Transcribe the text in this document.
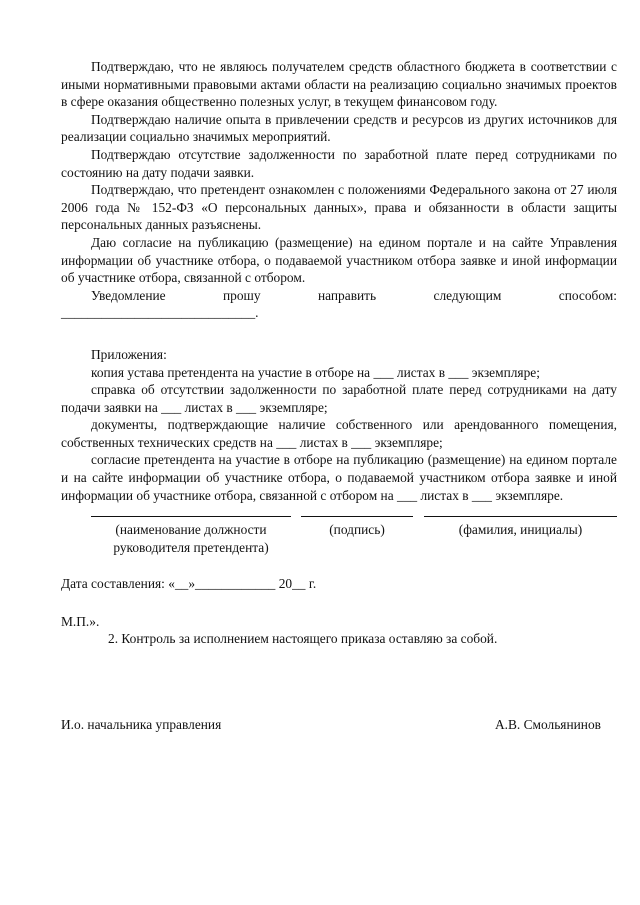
Подтверждаю, что не являюсь получателем средств областного бюджета в соответствии с иными нормативными правовыми актами области на реализацию социально значимых проектов в сфере оказания общественно полезных услуг, в текущем финансовом году.

Подтверждаю наличие опыта в привлечении средств и ресурсов из других источников для реализации социально значимых мероприятий.

Подтверждаю отсутствие задолженности по заработной плате перед сотрудниками по состоянию на дату подачи заявки.

Подтверждаю, что претендент ознакомлен с положениями Федерального закона от 27 июля 2006 года № 152-ФЗ «О персональных данных», права и обязанности в области защиты персональных данных разъяснены.

Даю согласие на публикацию (размещение) на едином портале и на сайте Управления информации об участнике отбора, о подаваемой участником отбора заявке и иной информации об участнике отбора, связанной с отбором.

Уведомление прошу направить следующим способом:

_____________________________.

Приложения:

копия устава претендента на участие в отборе на ___ листах в ___ экземпляре;

справка об отсутствии задолженности по заработной плате перед сотрудниками на дату подачи заявки на ___ листах в ___ экземпляре;

документы, подтверждающие наличие собственного или арендованного помещения, собственных технических средств на ___ листах в ___ экземпляре;

согласие претендента на участие в отборе на публикацию (размещение) на едином портале и на сайте информации об участнике отбора, о подаваемой участником отбора заявке и иной информации об участнике отбора, связанной с отбором на ___ листах в ___ экземпляре.

(наименование должности руководителя претендента)
(подпись)	(фамилия, инициалы)

Дата составления: «__»____________ 20__ г.

М.П.».

2. Контроль за исполнением настоящего приказа оставляю за собой.

И.о. начальника управления	А.В. Смольянинов
